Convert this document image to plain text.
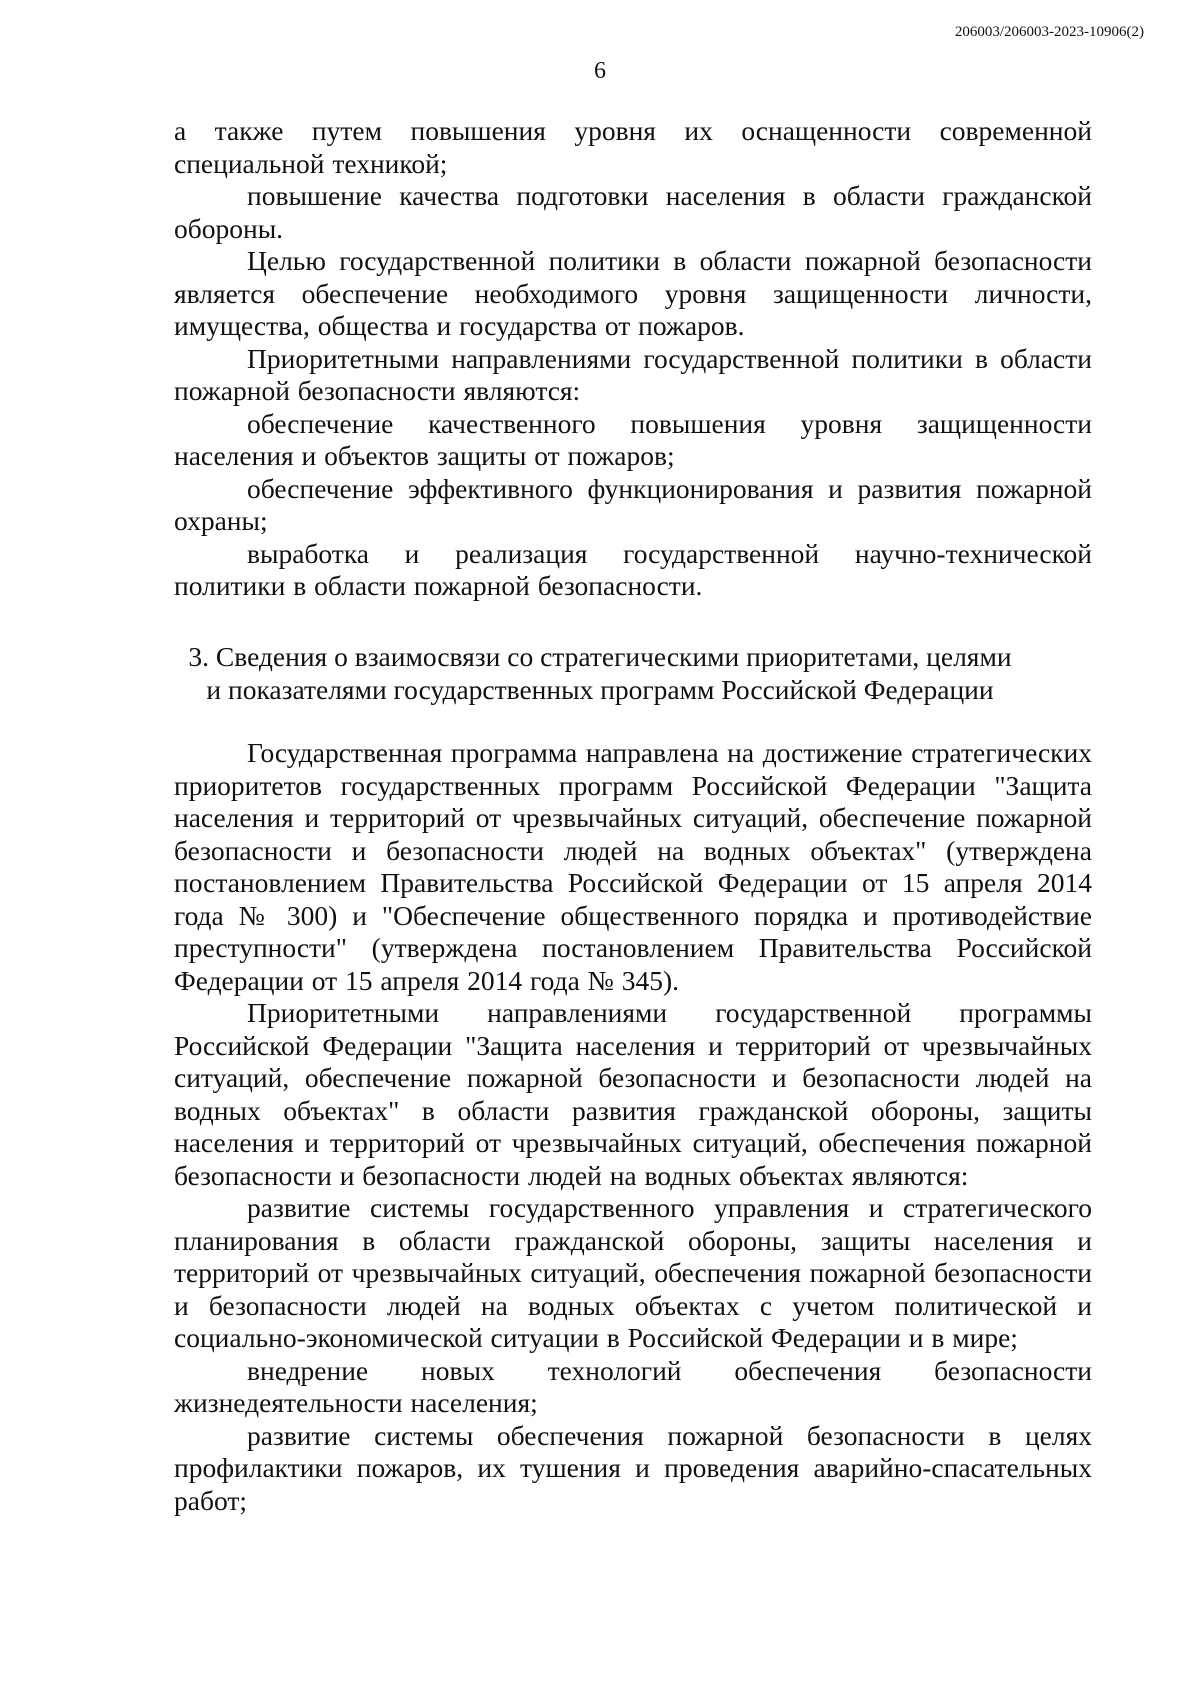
206003/206003-2023-10906(2)
6

а также путем повышения уровня их оснащенности современной специальной техникой;

повышение качества подготовки населения в области гражданской обороны.

Целью государственной политики в области пожарной безопасности является обеспечение необходимого уровня защищенности личности, имущества, общества и государства от пожаров.

Приоритетными направлениями государственной политики в области пожарной безопасности являются:

обеспечение качественного повышения уровня защищенности населения и объектов защиты от пожаров;

обеспечение эффективного функционирования и развития пожарной охраны;

выработка и реализация государственной научно-технической политики в области пожарной безопасности.

3. Сведения о взаимосвязи со стратегическими приоритетами, целями
и показателями государственных программ Российской Федерации

Государственная программа направлена на достижение стратегических приоритетов государственных программ Российской Федерации "Защита населения и территорий от чрезвычайных ситуаций, обеспечение пожарной безопасности и безопасности людей на водных объектах" (утверждена постановлением Правительства Российской Федерации от 15 апреля 2014 года № 300) и "Обеспечение общественного порядка и противодействие преступности" (утверждена постановлением Правительства Российской Федерации от 15 апреля 2014 года № 345).

Приоритетными направлениями государственной программы Российской Федерации "Защита населения и территорий от чрезвычайных ситуаций, обеспечение пожарной безопасности и безопасности людей на водных объектах" в области развития гражданской обороны, защиты населения и территорий от чрезвычайных ситуаций, обеспечения пожарной безопасности и безопасности людей на водных объектах являются:

развитие системы государственного управления и стратегического планирования в области гражданской обороны, защиты населения и территорий от чрезвычайных ситуаций, обеспечения пожарной безопасности и безопасности людей на водных объектах с учетом политической и социально-экономической ситуации в Российской Федерации и в мире;

внедрение новых технологий обеспечения безопасности жизнедеятельности населения;

развитие системы обеспечения пожарной безопасности в целях профилактики пожаров, их тушения и проведения аварийно-спасательных работ;
